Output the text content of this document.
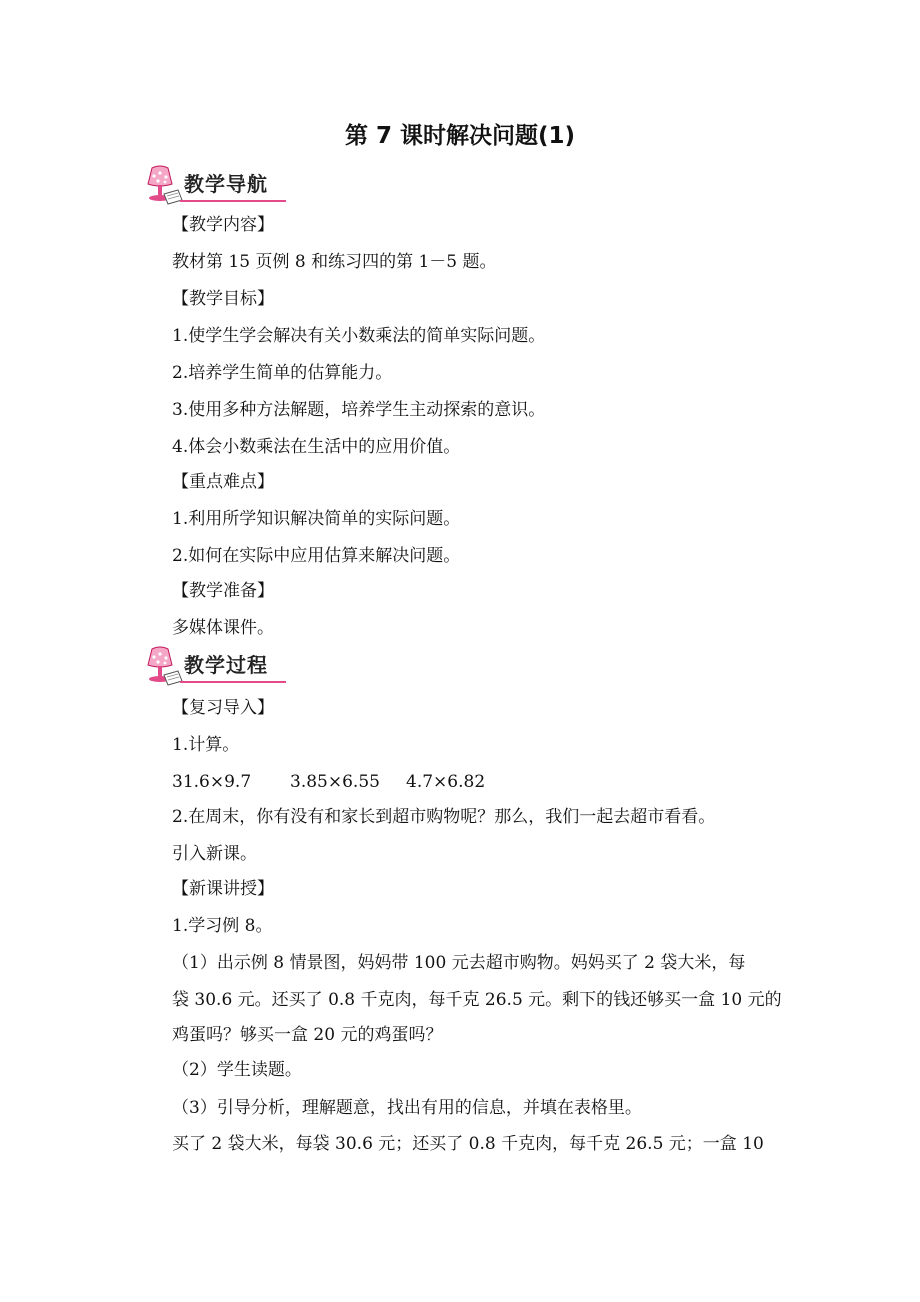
第 7 课时解决问题(1)
教学导航

【教学内容】

教材第 15 页例 8 和练习四的第 1－5 题。

【教学目标】

1.使学生学会解决有关小数乘法的简单实际问题。

2.培养学生简单的估算能力。

3.使用多种方法解题，培养学生主动探索的意识。

4.体会小数乘法在生活中的应用价值。

【重点难点】

1.利用所学知识解决简单的实际问题。

2.如何在实际中应用估算来解决问题。

【教学准备】

多媒体课件。

教学过程

【复习导入】

1.计算。

31.6×9.7 3.85×6.55 4.7×6.82

2.在周末，你有没有和家长到超市购物呢？那么，我们一起去超市看看。

引入新课。

【新课讲授】

1.学习例 8。

（1）出示例 8 情景图，妈妈带 100 元去超市购物。妈妈买了 2 袋大米，每

袋 30.6 元。还买了 0.8 千克肉，每千克 26.5 元。剩下的钱还够买一盒 10 元的

鸡蛋吗？够买一盒 20 元的鸡蛋吗？

（2）学生读题。

（3）引导分析，理解题意，找出有用的信息，并填在表格里。

买了 2 袋大米，每袋 30.6 元；还买了 0.8 千克肉，每千克 26.5 元；一盒 10
